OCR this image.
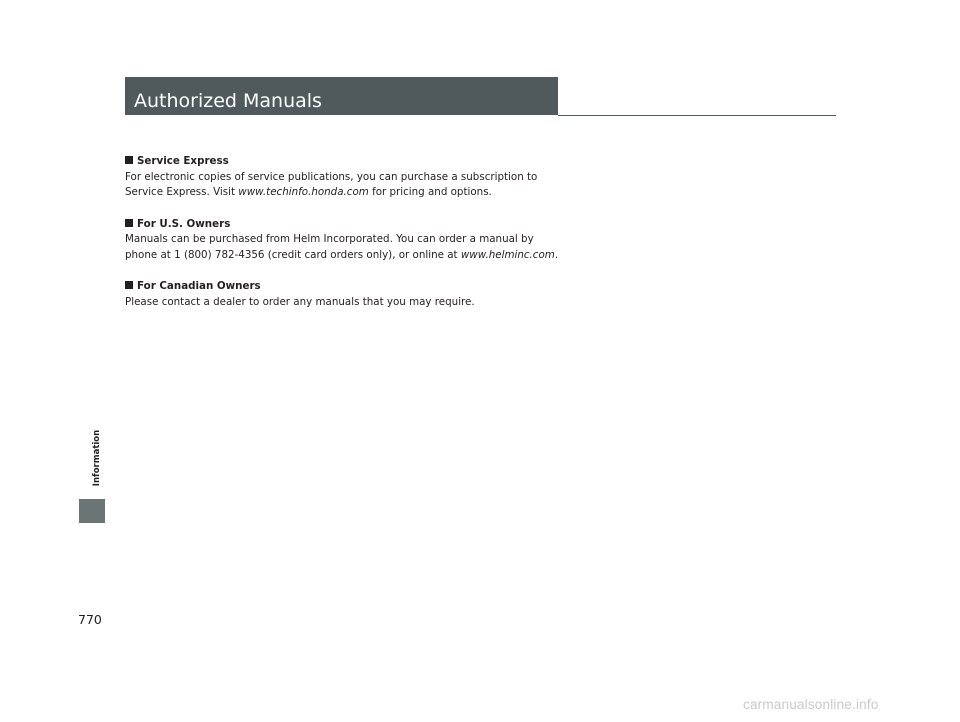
Authorized Manuals
Service Express
For electronic copies of service publications, you can purchase a subscription to
Service Express. Visit www.techinfo.honda.com for pricing and options.
For U.S. Owners
Manuals can be purchased from Helm Incorporated. You can order a manual by
phone at 1 (800) 782-4356 (credit card orders only), or online at www.helminc.com.
For Canadian Owners
Please contact a dealer to order any manuals that you may require.
Information
770
carmanualsonline.info
